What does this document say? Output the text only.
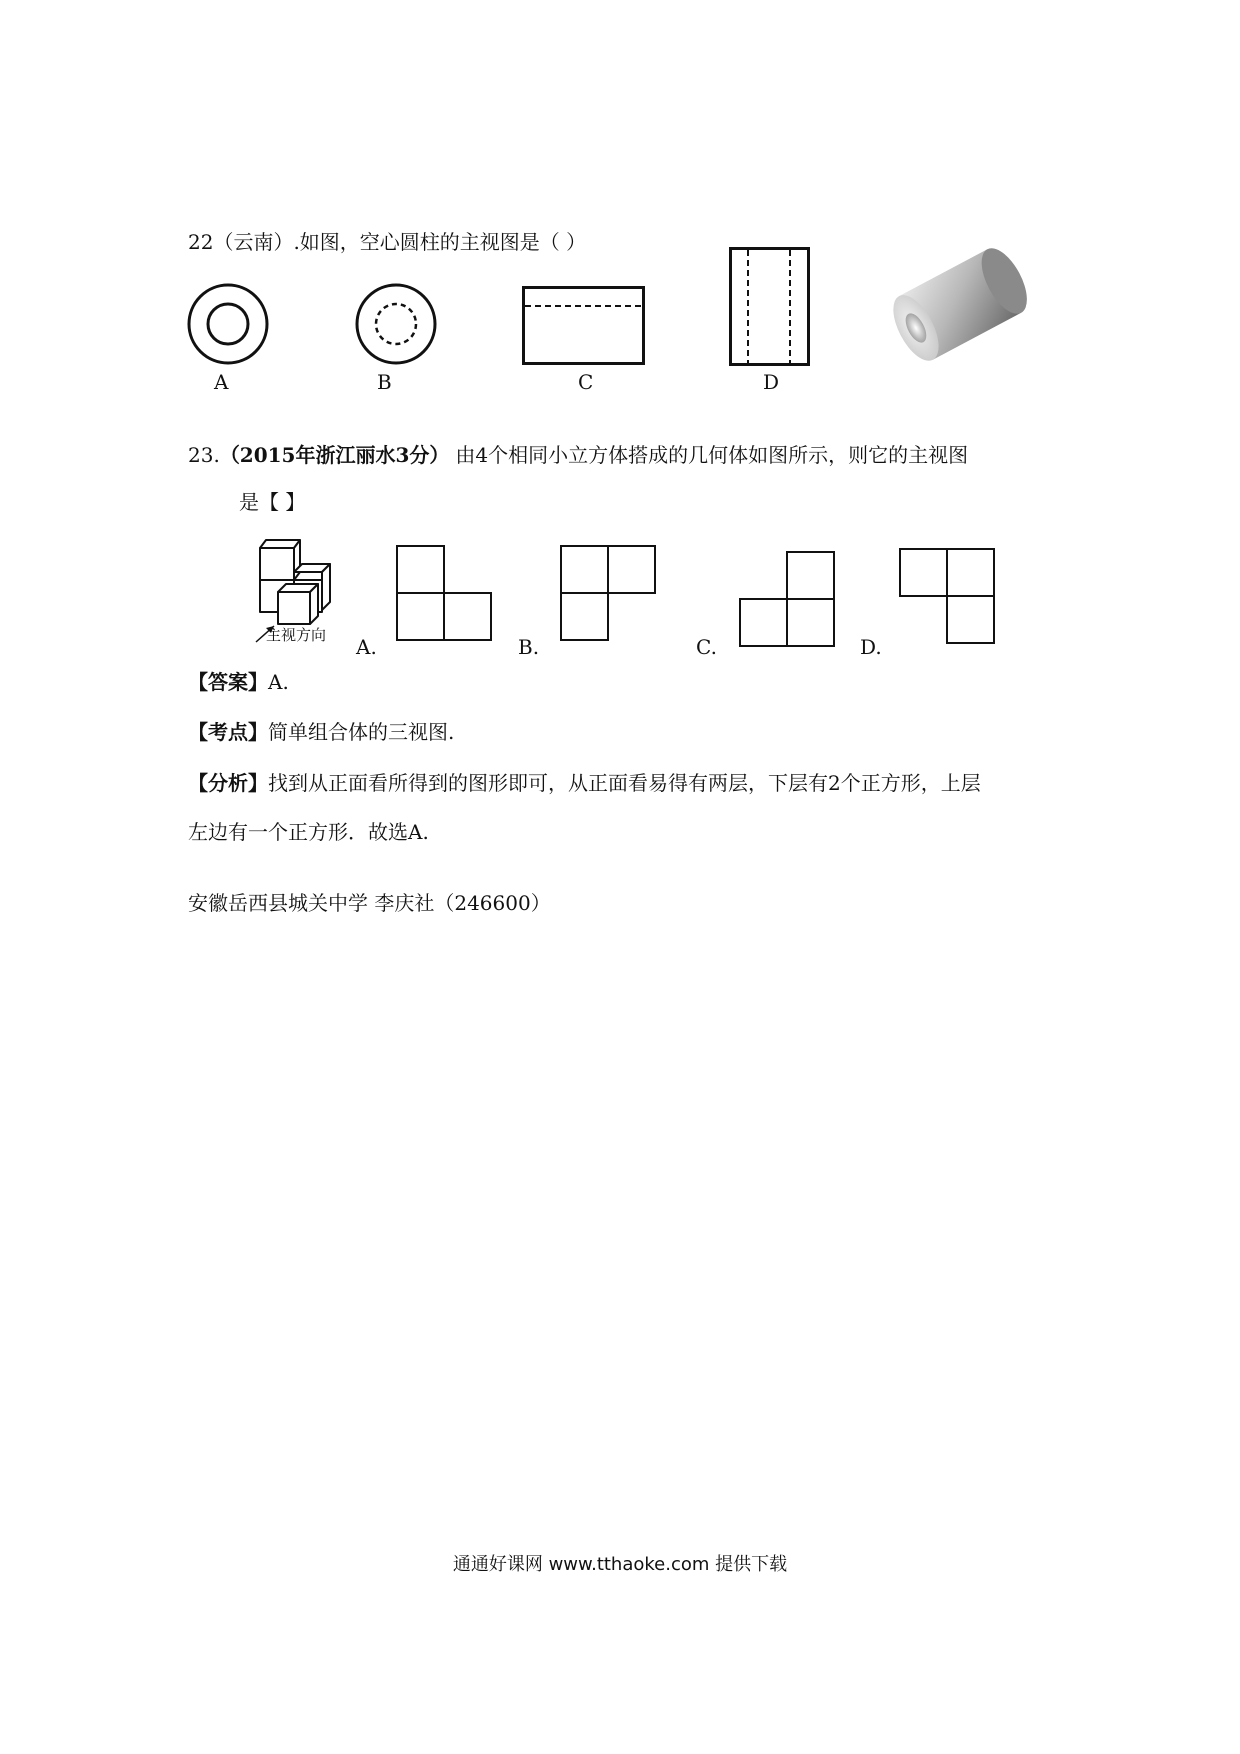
22（云南）.如图，空心圆柱的主视图是（ ）
A	B	C	D
23.（2015年浙江丽水3分） 由4个相同小立方体搭成的几何体如图所示，则它的主视图
是【 】
主视方向 A.	B.	C.	D.
【答案】A.
【考点】简单组合体的三视图.
【分析】找到从正面看所得到的图形即可，从正面看易得有两层，下层有2个正方形，上层
左边有一个正方形．故选A.
安徽岳西县城关中学 李庆社（246600）
通通好课网 www.tthaoke.com 提供下载
